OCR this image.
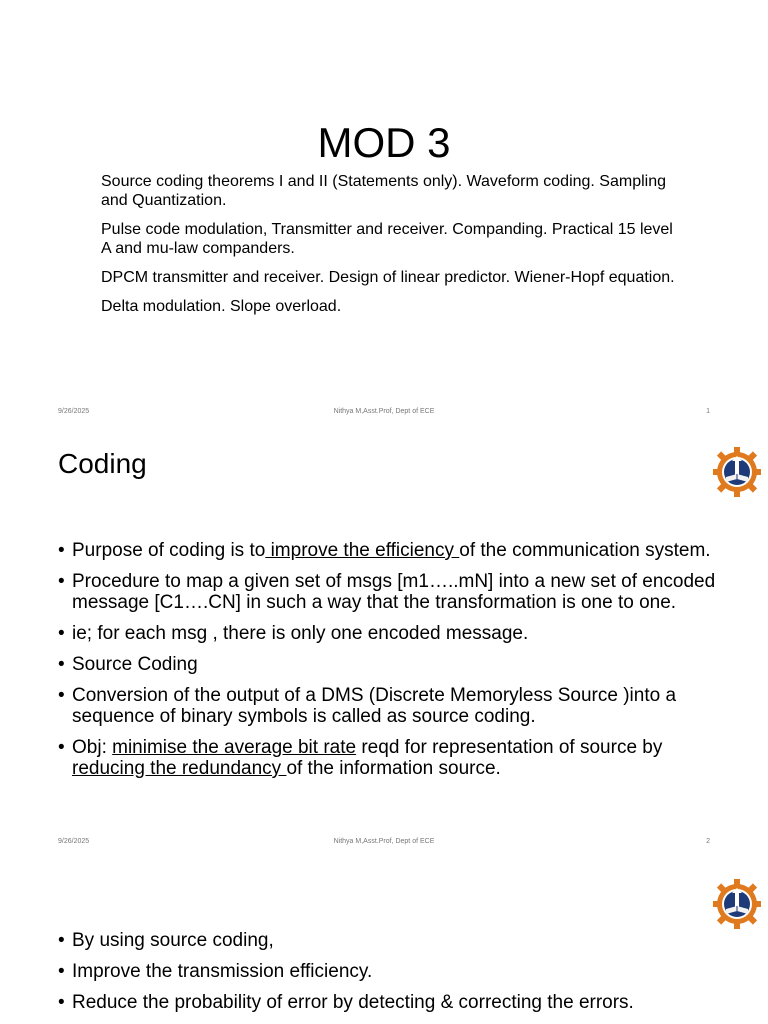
MOD 3
Source coding theorems I and II (Statements only). Waveform coding. Sampling and Quantization.
Pulse code modulation, Transmitter and receiver. Companding. Practical 15 level A and mu-law companders.
DPCM transmitter and receiver. Design of linear predictor. Wiener-Hopf equation.
Delta modulation. Slope overload.
9/26/2025	Nithya M,Asst.Prof, Dept of ECE	1
Coding
• Purpose of coding is to improve the efficiency of the communication system.
• Procedure to map a given set of msgs [m1…..mN] into a new set of encoded message [C1….CN] in such a way that the transformation is one to one.
• ie; for each msg , there is only one encoded message.
• Source Coding
• Conversion of the output of a DMS (Discrete Memoryless Source )into a sequence of binary symbols is called as source coding.
• Obj: minimise the average bit rate reqd for representation of source by reducing the redundancy of the information source.
9/26/2025	Nithya M,Asst.Prof, Dept of ECE	2
• By using source coding,
• Improve the transmission efficiency.
• Reduce the probability of error by detecting & correcting the errors.
